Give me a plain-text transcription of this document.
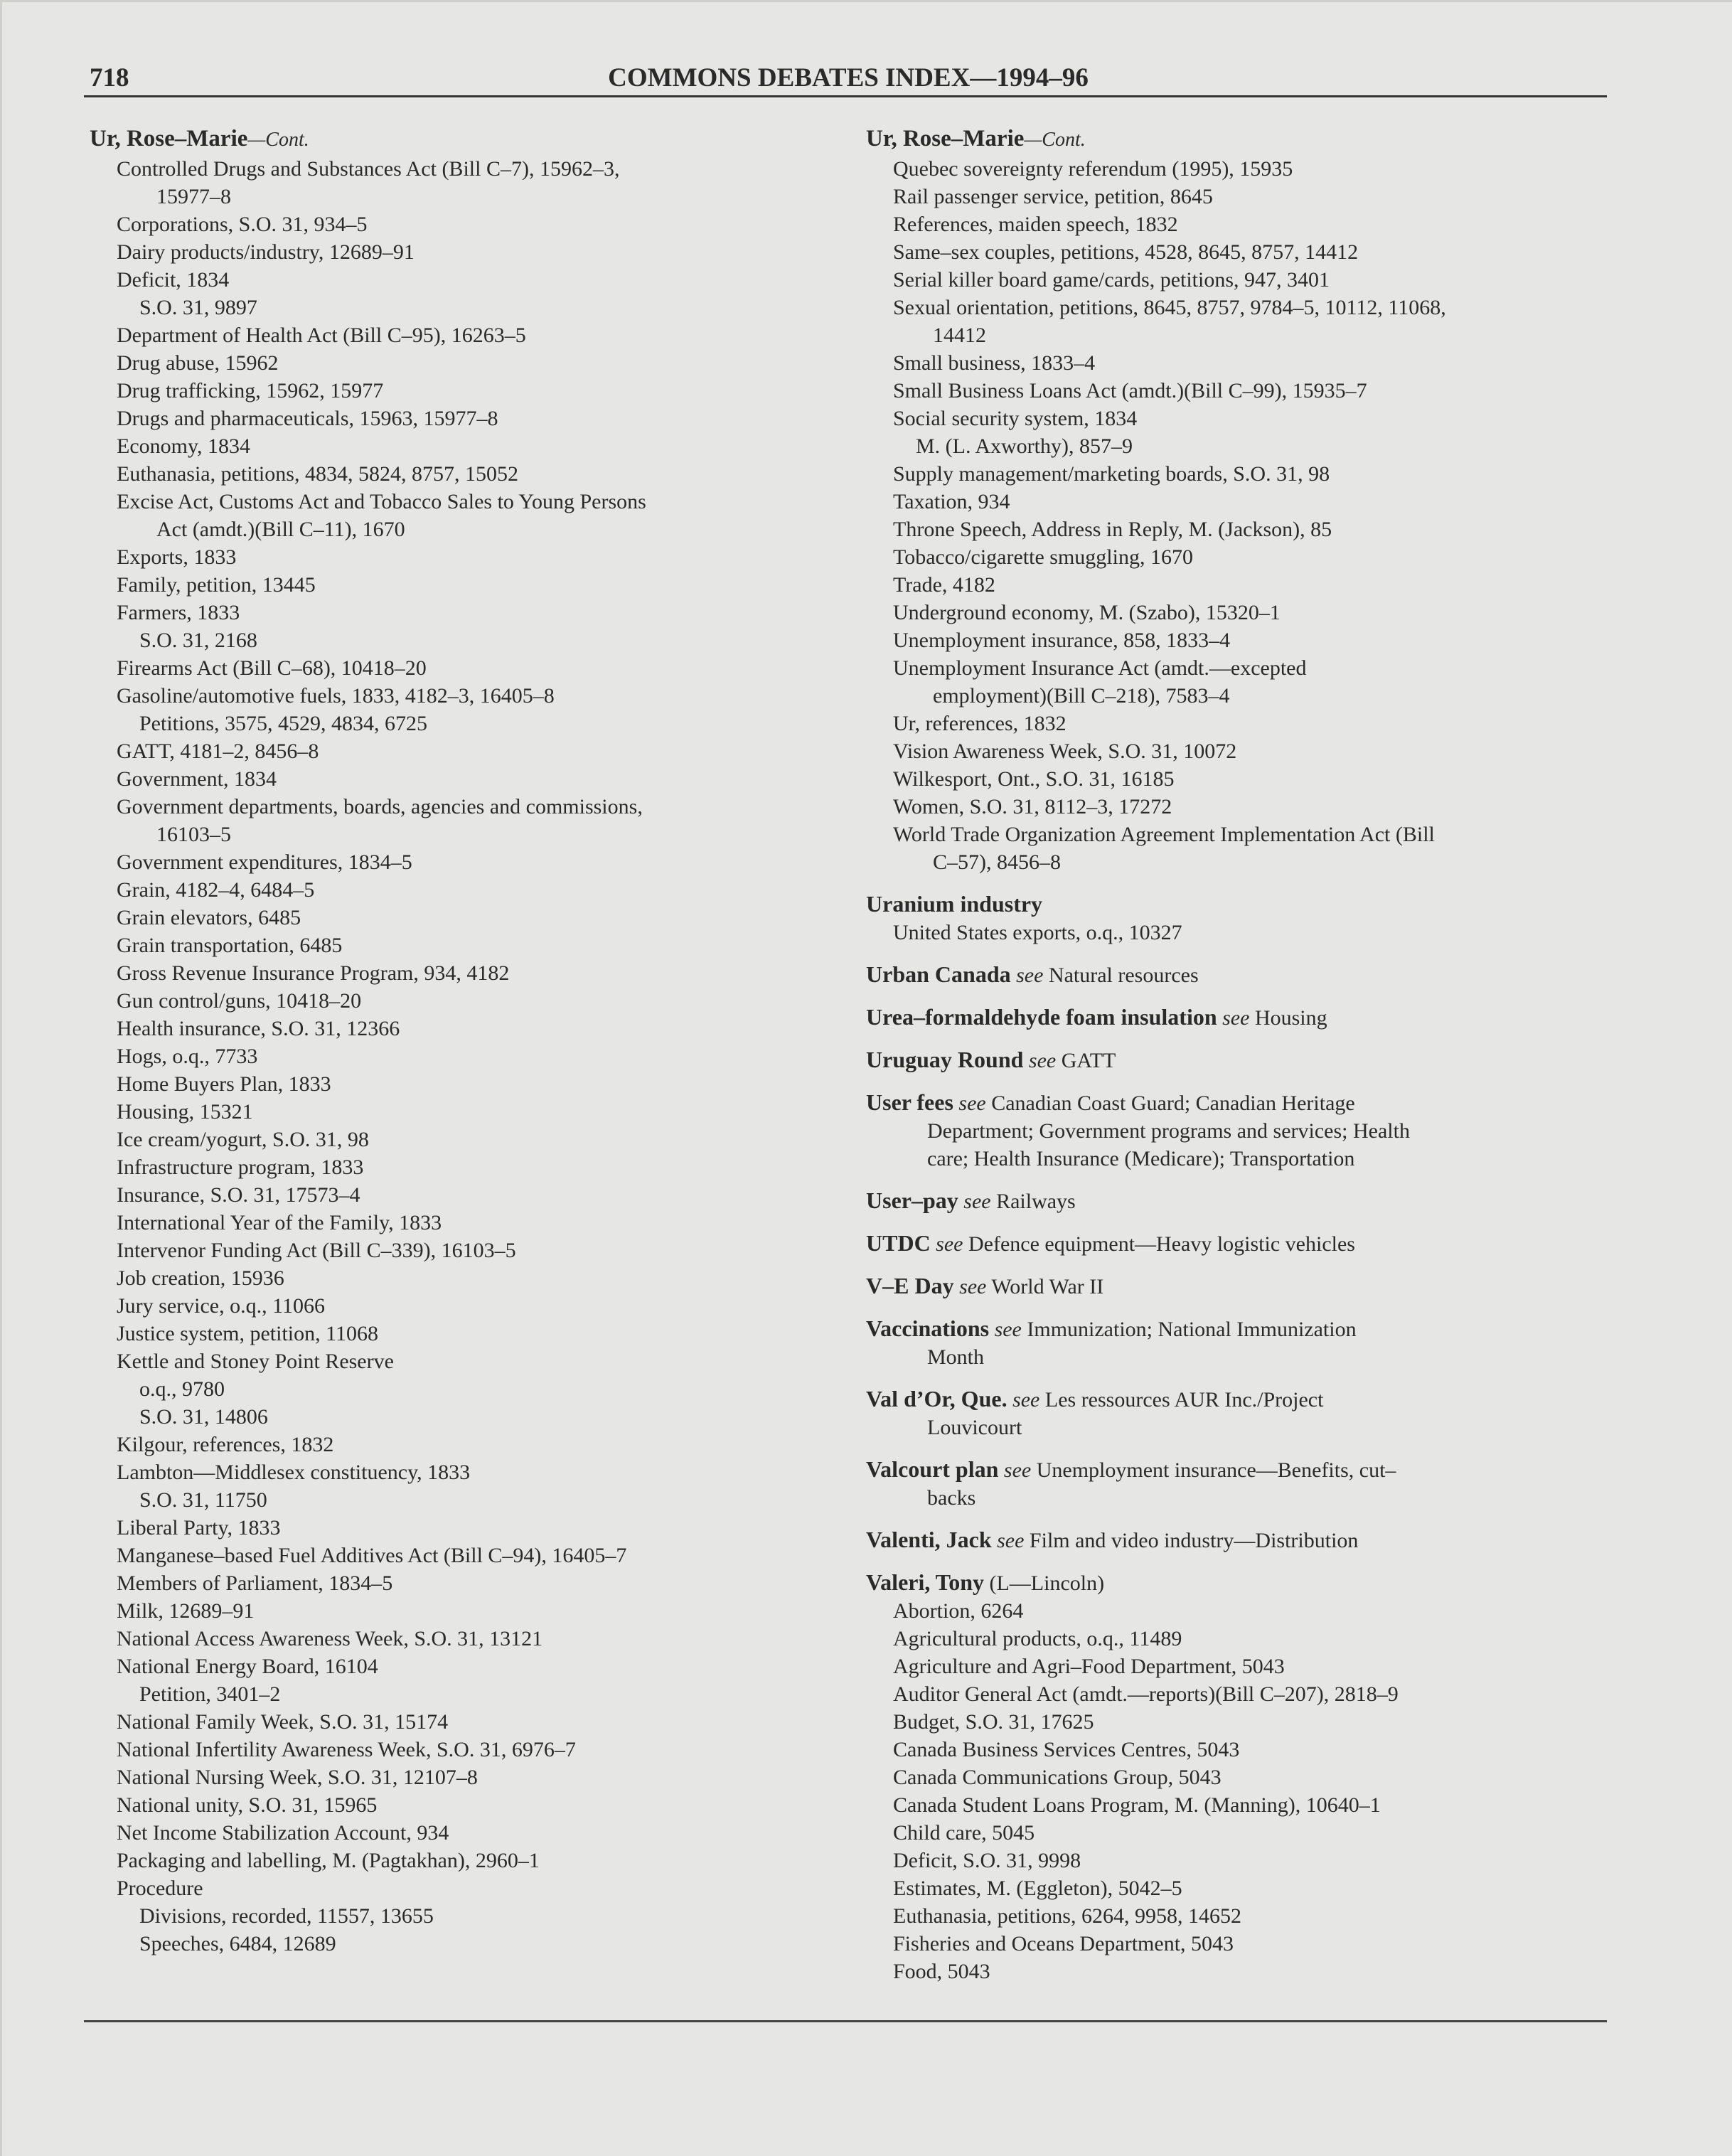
718	COMMONS DEBATES INDEX—1994–96
Ur, Rose–Marie—Cont.
Controlled Drugs and Substances Act (Bill C–7), 15962–3,
15977–8
Corporations, S.O. 31, 934–5
Dairy products/industry, 12689–91
Deficit, 1834
S.O. 31, 9897
Department of Health Act (Bill C–95), 16263–5
Drug abuse, 15962
Drug trafficking, 15962, 15977
Drugs and pharmaceuticals, 15963, 15977–8
Economy, 1834
Euthanasia, petitions, 4834, 5824, 8757, 15052
Excise Act, Customs Act and Tobacco Sales to Young Persons
Act (amdt.)(Bill C–11), 1670
Exports, 1833
Family, petition, 13445
Farmers, 1833
S.O. 31, 2168
Firearms Act (Bill C–68), 10418–20
Gasoline/automotive fuels, 1833, 4182–3, 16405–8
Petitions, 3575, 4529, 4834, 6725
GATT, 4181–2, 8456–8
Government, 1834
Government departments, boards, agencies and commissions,
16103–5
Government expenditures, 1834–5
Grain, 4182–4, 6484–5
Grain elevators, 6485
Grain transportation, 6485
Gross Revenue Insurance Program, 934, 4182
Gun control/guns, 10418–20
Health insurance, S.O. 31, 12366
Hogs, o.q., 7733
Home Buyers Plan, 1833
Housing, 15321
Ice cream/yogurt, S.O. 31, 98
Infrastructure program, 1833
Insurance, S.O. 31, 17573–4
International Year of the Family, 1833
Intervenor Funding Act (Bill C–339), 16103–5
Job creation, 15936
Jury service, o.q., 11066
Justice system, petition, 11068
Kettle and Stoney Point Reserve
o.q., 9780
S.O. 31, 14806
Kilgour, references, 1832
Lambton—Middlesex constituency, 1833
S.O. 31, 11750
Liberal Party, 1833
Manganese–based Fuel Additives Act (Bill C–94), 16405–7
Members of Parliament, 1834–5
Milk, 12689–91
National Access Awareness Week, S.O. 31, 13121
National Energy Board, 16104
Petition, 3401–2
National Family Week, S.O. 31, 15174
National Infertility Awareness Week, S.O. 31, 6976–7
National Nursing Week, S.O. 31, 12107–8
National unity, S.O. 31, 15965
Net Income Stabilization Account, 934
Packaging and labelling, M. (Pagtakhan), 2960–1
Procedure
Divisions, recorded, 11557, 13655
Speeches, 6484, 12689
Ur, Rose–Marie—Cont.
Quebec sovereignty referendum (1995), 15935
Rail passenger service, petition, 8645
References, maiden speech, 1832
Same–sex couples, petitions, 4528, 8645, 8757, 14412
Serial killer board game/cards, petitions, 947, 3401
Sexual orientation, petitions, 8645, 8757, 9784–5, 10112, 11068,
14412
Small business, 1833–4
Small Business Loans Act (amdt.)(Bill C–99), 15935–7
Social security system, 1834
M. (L. Axworthy), 857–9
Supply management/marketing boards, S.O. 31, 98
Taxation, 934
Throne Speech, Address in Reply, M. (Jackson), 85
Tobacco/cigarette smuggling, 1670
Trade, 4182
Underground economy, M. (Szabo), 15320–1
Unemployment insurance, 858, 1833–4
Unemployment Insurance Act (amdt.—excepted
employment)(Bill C–218), 7583–4
Ur, references, 1832
Vision Awareness Week, S.O. 31, 10072
Wilkesport, Ont., S.O. 31, 16185
Women, S.O. 31, 8112–3, 17272
World Trade Organization Agreement Implementation Act (Bill
C–57), 8456–8
Uranium industry
United States exports, o.q., 10327
Urban Canada see Natural resources
Urea–formaldehyde foam insulation see Housing
Uruguay Round see GATT
User fees see Canadian Coast Guard; Canadian Heritage
Department; Government programs and services; Health
care; Health Insurance (Medicare); Transportation
User–pay see Railways
UTDC see Defence equipment—Heavy logistic vehicles
V–E Day see World War II
Vaccinations see Immunization; National Immunization
Month
Val d’Or, Que. see Les ressources AUR Inc./Project
Louvicourt
Valcourt plan see Unemployment insurance—Benefits, cut–
backs
Valenti, Jack see Film and video industry—Distribution
Valeri, Tony (L—Lincoln)
Abortion, 6264
Agricultural products, o.q., 11489
Agriculture and Agri–Food Department, 5043
Auditor General Act (amdt.—reports)(Bill C–207), 2818–9
Budget, S.O. 31, 17625
Canada Business Services Centres, 5043
Canada Communications Group, 5043
Canada Student Loans Program, M. (Manning), 10640–1
Child care, 5045
Deficit, S.O. 31, 9998
Estimates, M. (Eggleton), 5042–5
Euthanasia, petitions, 6264, 9958, 14652
Fisheries and Oceans Department, 5043
Food, 5043
